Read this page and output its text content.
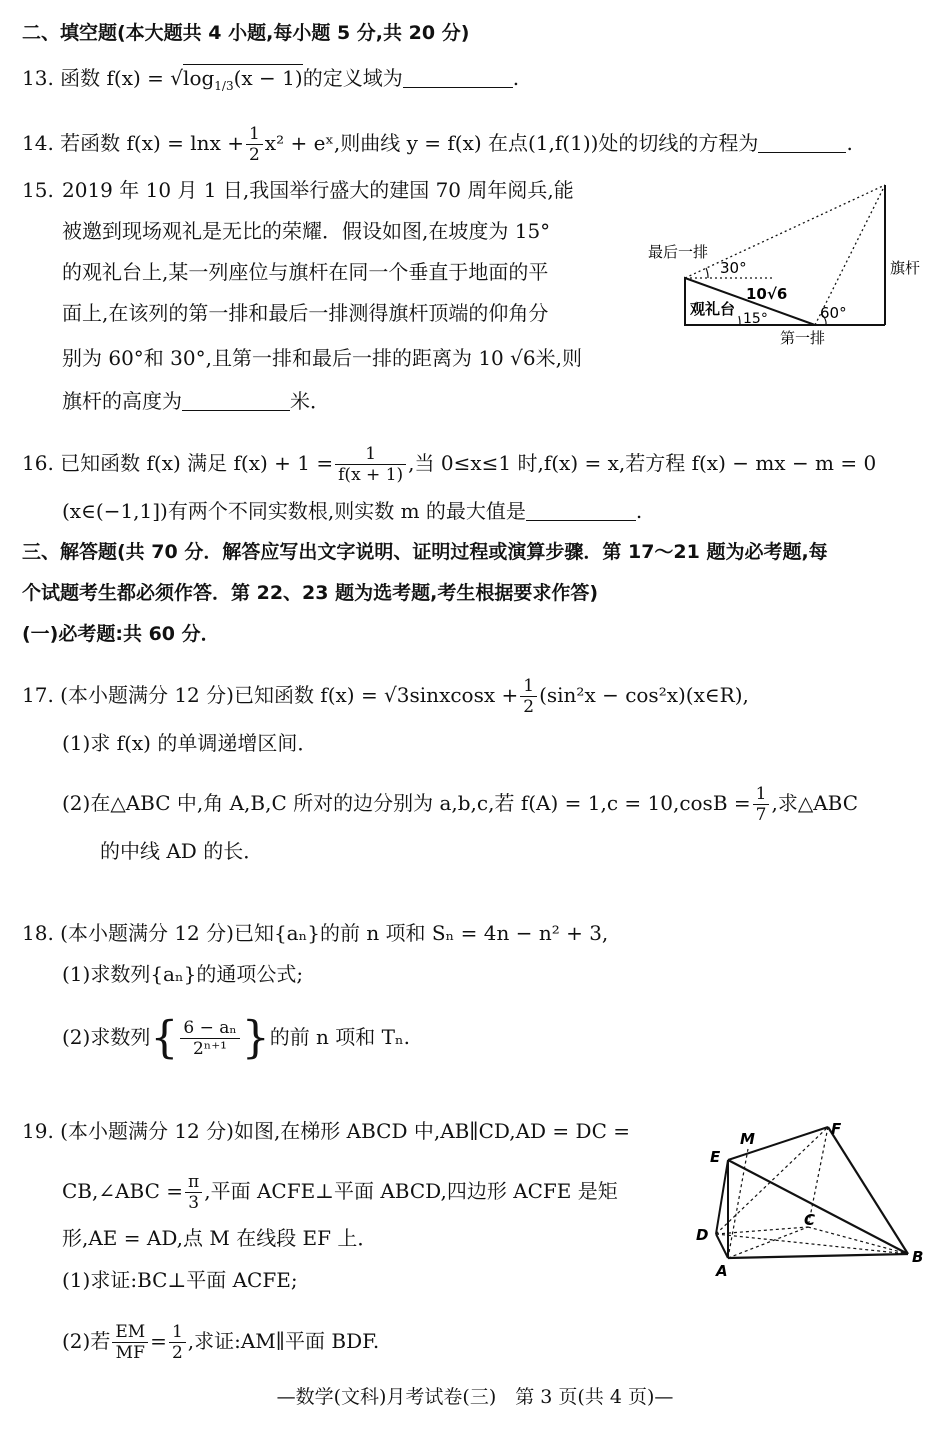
二、填空题(本大题共 4 小题,每小题 5 分,共 20 分)
13. 函数 $f(x) = √\log_{1/3}(x - 1)$的定义域为	.
14. 若函数 $f(x) = \ln x + \frac{1}{2} x^2$ + eˣ,则曲线 y = f(x) 在点(1,f(1))处的切线的方程为	.
15. 2019 年 10 月 1 日,我国举行盛大的建国 70 周年阅兵,能
被邀到现场观礼是无比的荣耀．假设如图,在坡度为 15°
的观礼台上,某一列座位与旗杆在同一个垂直于地面的平
面上,在该列的第一排和最后一排测得旗杆顶端的仰角分
别为 60°和 30°,且第一排和最后一排的距离为 10 √6米,则
旗杆的高度为	米．
最后一排
30°
10√6
观礼台
15°	60°
第一排
旗杆
16. 已知函数 f(x) 满足 $f(x) + 1 = \frac{1}{f(x + 1)}$ ,当 0≤x≤1 时,f(x) = x,若方程 f(x) − mx − m = 0
(x∈(−1,1])有两个不同实数根,则实数 m 的最大值是	.
三、解答题(共 70 分．解答应写出文字说明、证明过程或演算步骤．第 17～21 题为必考题,每
个试题考生都必须作答．第 22、23 题为选考题,考生根据要求作答)
(一)必考题:共 60 分．
17. (本小题满分 12 分)已知函数 f(x) = √3sinxcosx + $\frac{1}{2} (\sin^2x$ − cos²x)(x∈R),
(1)求 f(x) 的单调递增区间．
(2)在△ABC 中,角 A,B,C 所对的边分别为 a,b,c,若 $f(A) = 1,c = 10,\cos B = \frac{1}{7}$ ,求△ABC
的中线 AD 的长．
18. (本小题满分 12 分)已知{aₙ}的前 n 项和 Sₙ = 4n − n² + 3,
(1)求数列{aₙ}的通项公式;
(2)求数列{ $\frac{\text{6 − aₙ}}{\text{2ⁿ⁺¹}}$ }的前 n 项和 Tₙ.
19. (本小题满分 12 分)如图,在梯形 ABCD 中,AB∥CD,AD = DC =
CB,∠ABC = $\frac{\pi}{3}$ ,平面 ACFE⊥平面 ABCD,四边形 ACFE 是矩
形,AE = AD,点 M 在线段 EF 上．
(1)求证:BC⊥平面 ACFE;
(2)若 $\frac{EM}{MF} = \frac{1}{2}$ ,求证:AM∥平面 BDF.
M
F
E
C
D
A
B
—数学(文科)月考试卷(三)　第 3 页(共 4 页)—
